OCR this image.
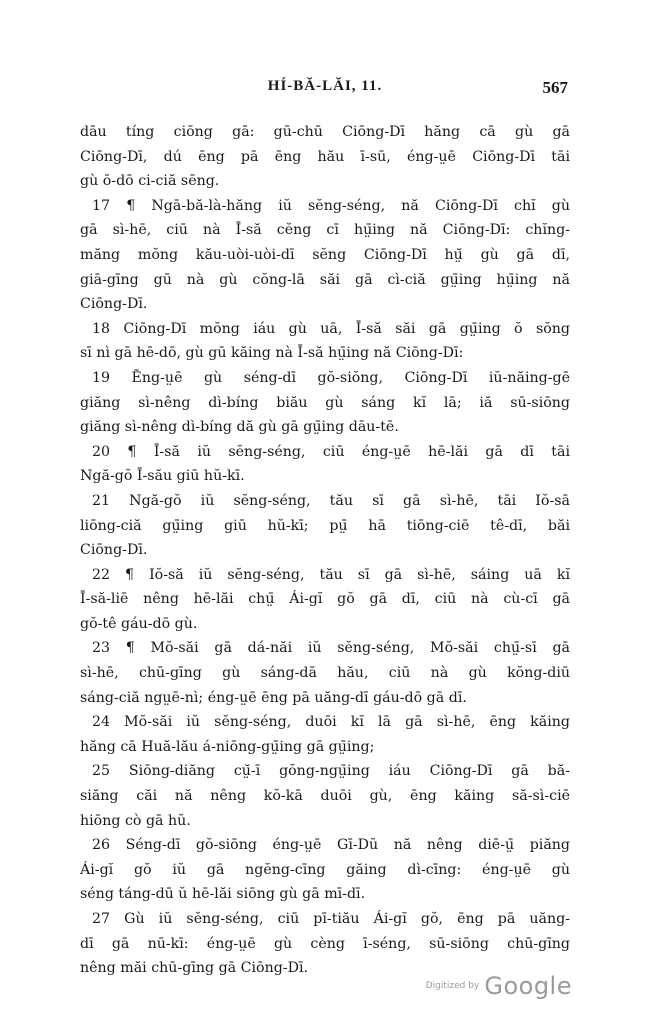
HÍ-BĂ-LĂI, 11.	567
dāu tíng ciōng gā: gū-chū Ciōng-Dī hăng cā gù gā
Ciōng-Dī, dú ēng pā ēng hău ī-sū, éng-ṳē Ciōng-Dī tāi
gù ō-dō ci-ciă sēng.
17 ¶ Ngā-bă-là-hăng iŭ sĕng-séng, nă Ciōng-Dī chĭ gù
gā sì-hē, ciū nà Ī-să cĕng cī hṳ̄ing nă Ciōng-Dī: chĭng-
măng mŏng kău-uòi-uòi-dī sĕng Ciōng-Dī hṳ̆ gù gā dī,
giā-gīng gū nà gù cŏng-lā săi gā cì-ciă gṳ̄ing hṳ̄ing nă
Ciōng-Dī.
18 Ciōng-Dī mŏng iáu gù uā, Ī-să săi gā gṳ̄ing ŏ sŏng
sī nì gā hē-dō, gù gū kăing nà Ī-să hṳ̄ing nă Ciōng-Dī:
19 Ēng-ṳē gù séng-dī gŏ-siŏng, Ciōng-Dī iŭ-năing-gē
giăng sì-nêng dì-bíng biău gù sáng kĭ lā; iă sū-siōng
giăng sì-nêng dì-bíng dă gù gā gṳ̄ing dāu-tē.
20 ¶ Ī-să iŭ sĕng-séng, ciū éng-ṳē hē-lăi gā dī tāi
Ngă-gŏ Ī-său giū hŭ-kī.
21 Ngă-gŏ iŭ sĕng-séng, tău sī gā sì-hē, tāi Iŏ-sā
liōng-ciă gṳ̄ing giū hŭ-kī; pṳ̄ hā tiōng-ciē tê-dī, băi
Ciōng-Dī.
22 ¶ Iŏ-să iŭ sĕng-séng, tău sī gā sì-hē, sáing uā kĭ
Ī-să-liē nêng hē-lăi chṳ̄ Ái-gĭ gŏ gā dī, ciū nà cù-cī gā
gŏ-tê gáu-dō gù.
23 ¶ Mŏ-săi gā dá-năi iŭ sĕng-séng, Mŏ-săi chṳ̄-sī gā
sì-hē, chū-gīng gù sáng-dā hău, ciū nà gù kŏng-diū
sáng-ciă ngṳē-nì; éng-ṳē ēng pā uăng-dī gáu-dō gā dī.
24 Mŏ-săi iŭ sĕng-séng, duōi kĭ lā gā sì-hē, ēng kăing
hăng cā Huă-lău á-niōng-gṳ̄ing gā gṳ̄ing;
25 Siōng-diăng cṳ̆-ī gŏng-ngṳ̄ing iáu Ciōng-Dī gā bă-
siăng căi nă nêng kŏ-kā duōi gù, ēng kăing să-sì-ciē
hiōng cò gā hŭ.
26 Séng-dī gŏ-siōng éng-ṳē Gī-Dŭ nă nêng diē-ṳ̄ piăng
Ái-gĭ gŏ iŭ gā ngĕng-cīng găing dì-cīng: éng-ṳē gù
séng táng-dū ŭ hē-lăi siōng gù gā mī-dī.
27 Gù iŭ sĕng-séng, ciū pī-tiău Ái-gĭ gŏ, ēng pā uăng-
dī gā nū-kī: éng-ṳē gù cèng ī-séng, sū-siōng chū-gīng
nêng măi chū-gīng gā Ciōng-Dī.
Digitized by Google
